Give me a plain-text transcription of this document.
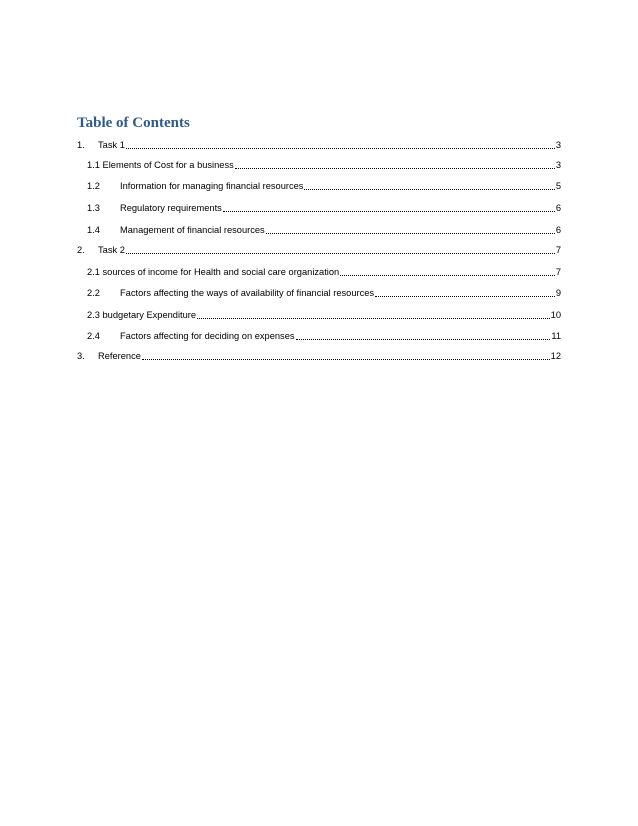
Table of Contents
1.	Task 1	3
1.1 Elements of Cost for a business	3
1.2	Information for managing financial resources	5
1.3	Regulatory requirements	6
1.4	Management of financial resources	6
2.	Task 2	7
2.1 sources of income for Health and social care organization	7
2.2	Factors affecting the ways of availability of financial resources	9
2.3 budgetary Expenditure	10
2.4	Factors affecting for deciding on expenses	11
3.	Reference	12
